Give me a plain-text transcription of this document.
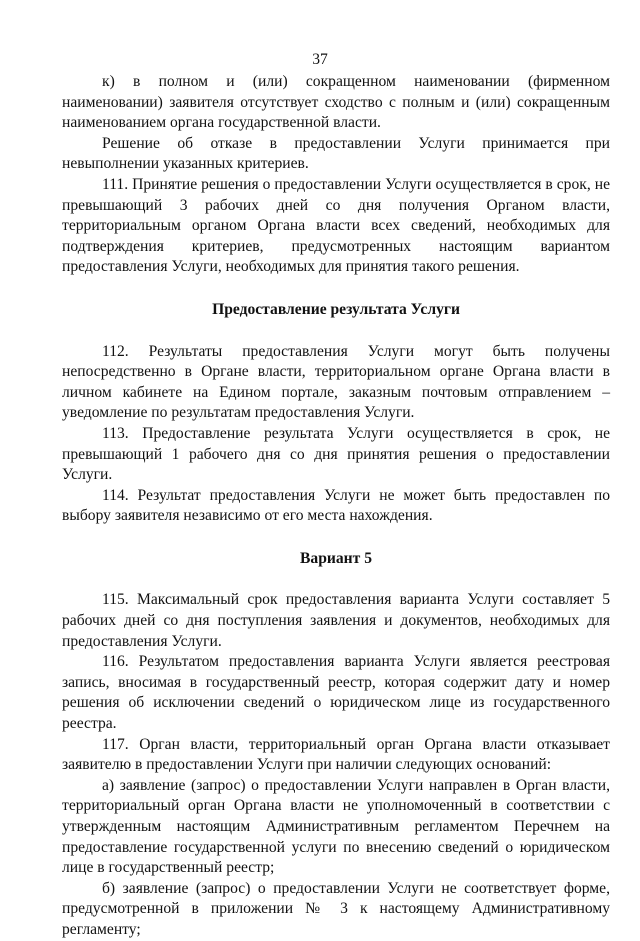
37

к) в полном и (или) сокращенном наименовании (фирменном наименовании) заявителя отсутствует сходство с полным и (или) сокращенным наименованием органа государственной власти.

Решение об отказе в предоставлении Услуги принимается при невыполнении указанных критериев.

111. Принятие решения о предоставлении Услуги осуществляется в срок, не превышающий 3 рабочих дней со дня получения Органом власти, территориальным органом Органа власти всех сведений, необходимых для подтверждения критериев, предусмотренных настоящим вариантом предоставления Услуги, необходимых для принятия такого решения.

Предоставление результата Услуги

112. Результаты предоставления Услуги могут быть получены непосредственно в Органе власти, территориальном органе Органа власти в личном кабинете на Едином портале, заказным почтовым отправлением – уведомление по результатам предоставления Услуги.

113. Предоставление результата Услуги осуществляется в срок, не превышающий 1 рабочего дня со дня принятия решения о предоставлении Услуги.

114. Результат предоставления Услуги не может быть предоставлен по выбору заявителя независимо от его места нахождения.

Вариант 5

115. Максимальный срок предоставления варианта Услуги составляет 5 рабочих дней со дня поступления заявления и документов, необходимых для предоставления Услуги.

116. Результатом предоставления варианта Услуги является реестровая запись, вносимая в государственный реестр, которая содержит дату и номер решения об исключении сведений о юридическом лице из государственного реестра.

117. Орган власти, территориальный орган Органа власти отказывает заявителю в предоставлении Услуги при наличии следующих оснований:

а) заявление (запрос) о предоставлении Услуги направлен в Орган власти, территориальный орган Органа власти не уполномоченный в соответствии с утвержденным настоящим Административным регламентом Перечнем на предоставление государственной услуги по внесению сведений о юридическом лице в государственный реестр;

б) заявление (запрос) о предоставлении Услуги не соответствует форме, предусмотренной в приложении № 3 к настоящему Административному регламенту;
